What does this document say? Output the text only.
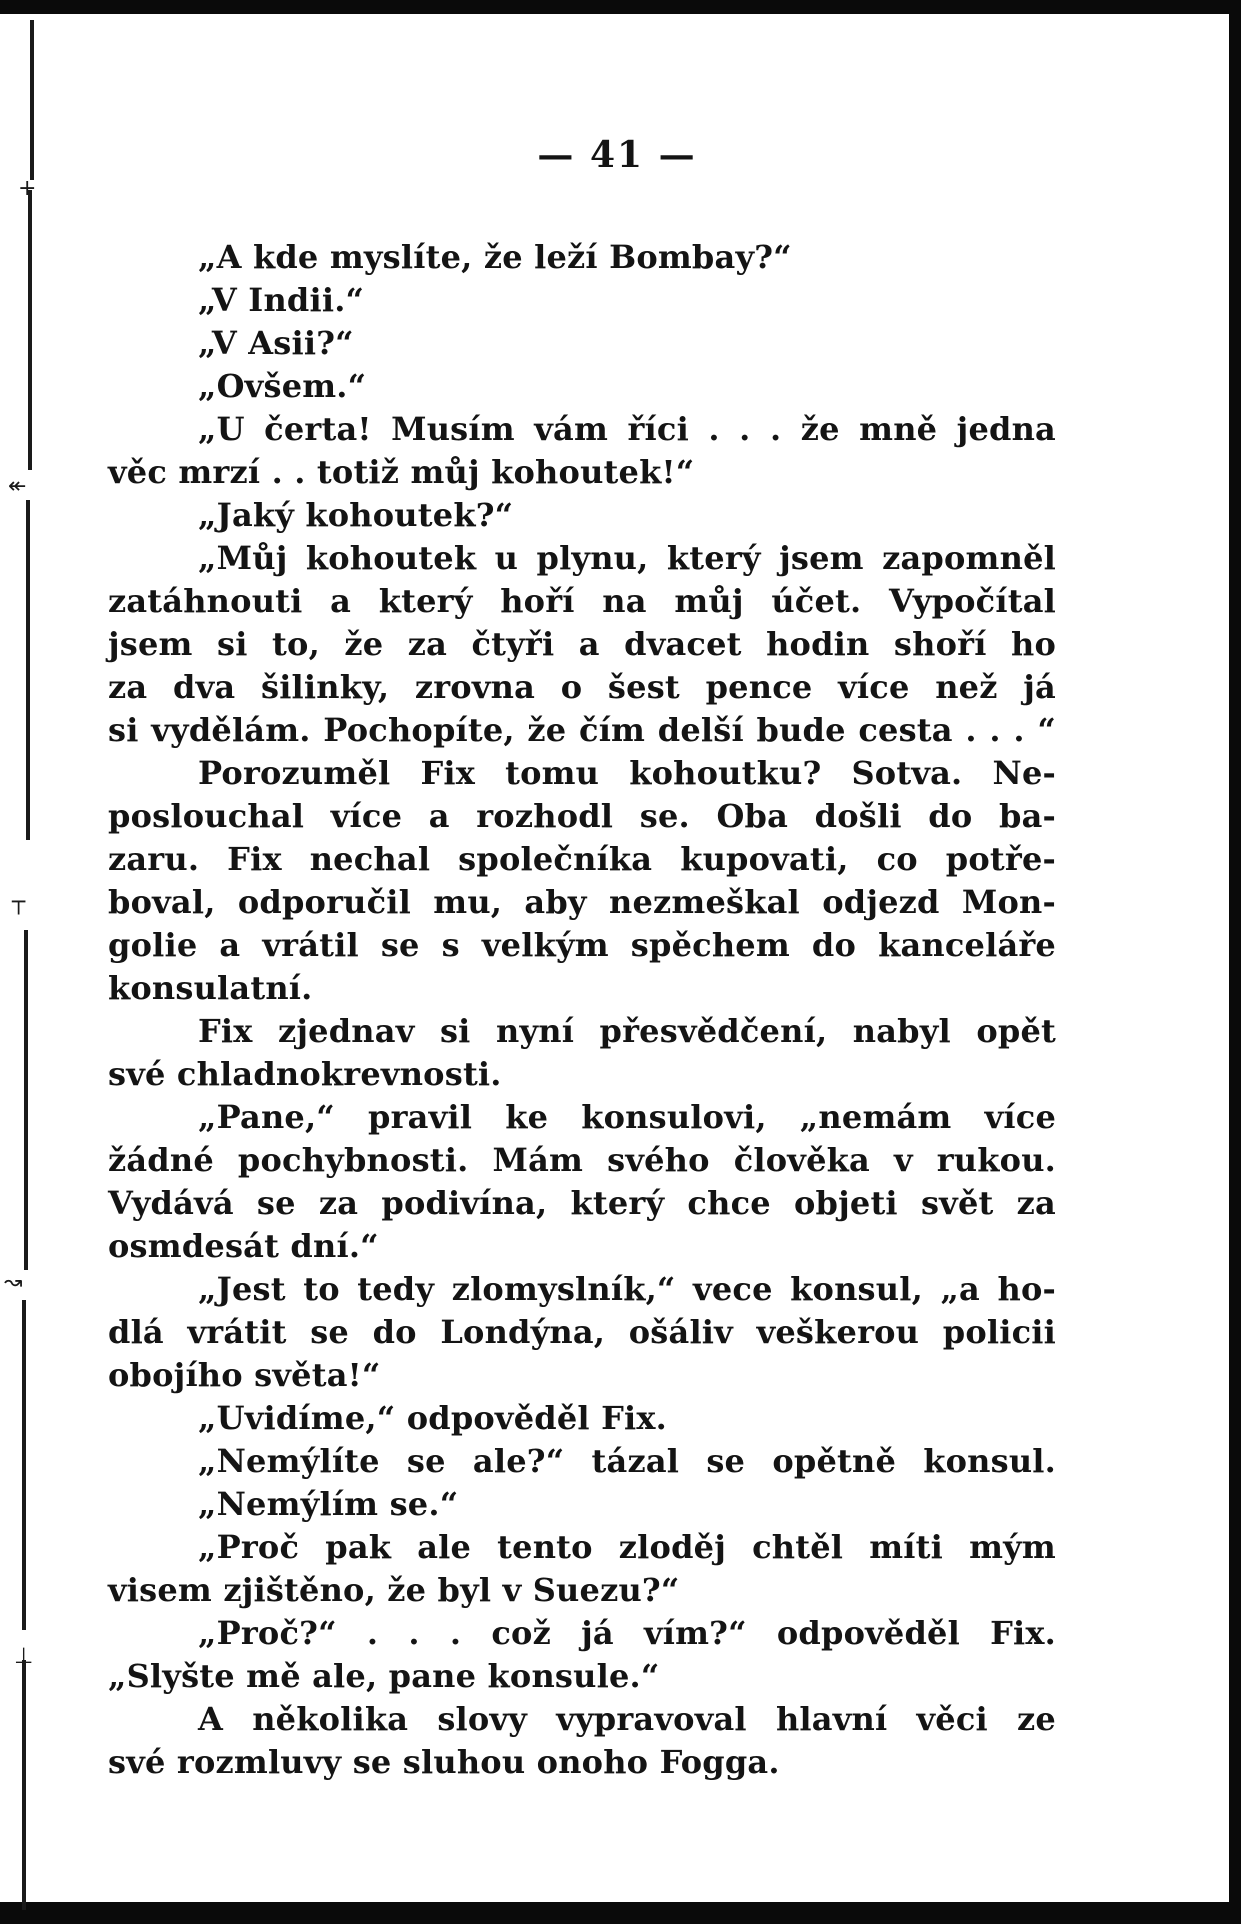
+
↞
┬
↝
⊥
— 41 —
„A kde myslíte, že leží Bombay?“
„V Indii.“
„V Asii?“
„Ovšem.“
„U čerta! Musím vám říci . . . že mně jedna
věc mrzí . . totiž můj kohoutek!“
„Jaký kohoutek?“
„Můj kohoutek u plynu, který jsem zapomněl
zatáhnouti a který hoří na můj účet. Vypočítal
jsem si to, že za čtyři a dvacet hodin shoří ho
za dva šilinky, zrovna o šest pence více než já
si vydělám. Pochopíte, že čím delší bude cesta . . . “
Porozuměl Fix tomu kohoutku? Sotva. Ne-
poslouchal více a rozhodl se. Oba došli do ba-
zaru. Fix nechal společníka kupovati, co potře-
boval, odporučil mu, aby nezmeškal odjezd Mon-
golie a vrátil se s velkým spěchem do kanceláře
konsulatní.
Fix zjednav si nyní přesvědčení, nabyl opět
své chladnokrevnosti.
„Pane,“ pravil ke konsulovi, „nemám více
žádné pochybnosti. Mám svého člověka v rukou.
Vydává se za podivína, který chce objeti svět za
osmdesát dní.“
„Jest to tedy zlomyslník,“ vece konsul, „a ho-
dlá vrátit se do Londýna, ošáliv veškerou policii
obojího světa!“
„Uvidíme,“ odpověděl Fix.
„Nemýlíte se ale?“ tázal se opětně konsul.
„Nemýlím se.“
„Proč pak ale tento zloděj chtěl míti mým
visem zjištěno, že byl v Suezu?“
„Proč?“ . . . což já vím?“ odpověděl Fix.
„Slyšte mě ale, pane konsule.“
A několika slovy vypravoval hlavní věci ze
své rozmluvy se sluhou onoho Fogga.
